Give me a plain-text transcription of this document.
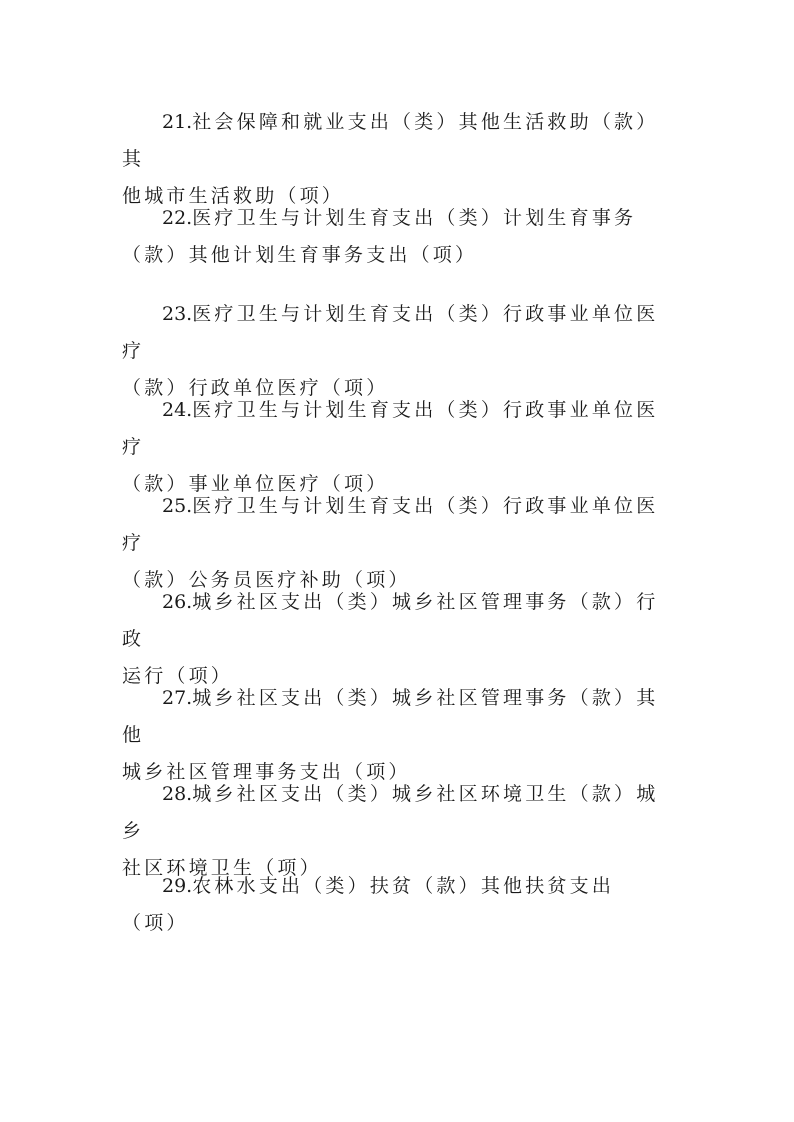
21.社会保障和就业支出（类）其他生活救助（款）其
他城市生活救助（项）

22.医疗卫生与计划生育支出（类）计划生育事务
（款）其他计划生育事务支出（项）

23.医疗卫生与计划生育支出（类）行政事业单位医疗
（款）行政单位医疗（项）

24.医疗卫生与计划生育支出（类）行政事业单位医疗
（款）事业单位医疗（项）

25.医疗卫生与计划生育支出（类）行政事业单位医疗
（款）公务员医疗补助（项）

26.城乡社区支出（类）城乡社区管理事务（款）行政
运行（项）

27.城乡社区支出（类）城乡社区管理事务（款）其他
城乡社区管理事务支出（项）

28.城乡社区支出（类）城乡社区环境卫生（款）城乡
社区环境卫生（项）

29.农林水支出（类）扶贫（款）其他扶贫支出（项）
